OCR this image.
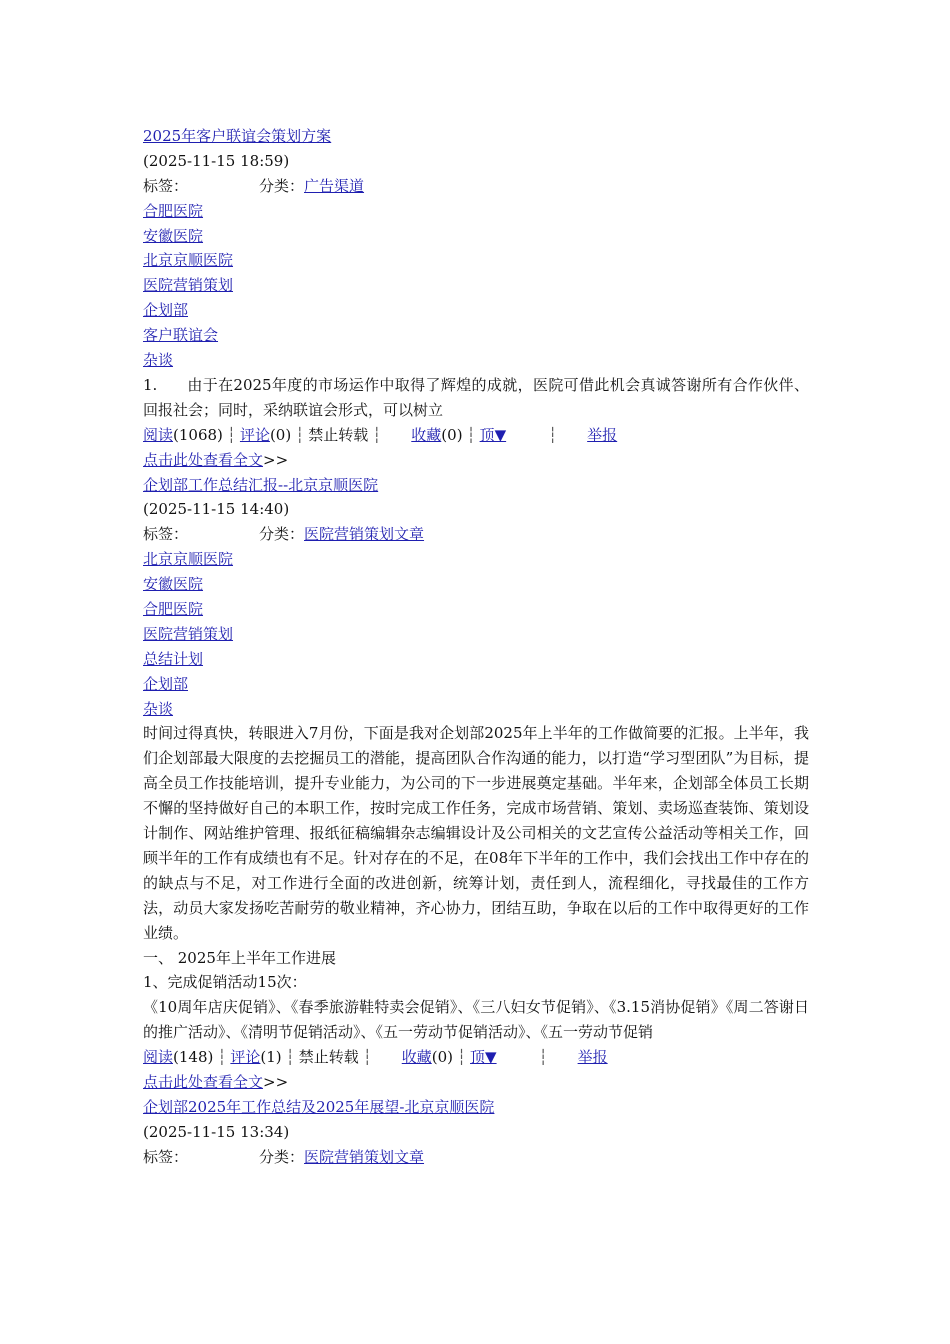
2025年客户联谊会策划方案
(2025-11-15 18:59)
标签：	分类：广告渠道
合肥医院
安徽医院
北京京顺医院
医院营销策划
企划部
客户联谊会
杂谈
1. 由于在2025年度的市场运作中取得了辉煌的成就，医院可借此机会真诚答谢所有合作伙伴、回报社会；同时，采纳联谊会形式，可以树立
阅读(1068) ┆ 评论(0) ┆ 禁止转载 ┆ 收藏(0) ┆ 顶▼	┆ 举报
点击此处查看全文>>
企划部工作总结汇报--北京京顺医院
(2025-11-15 14:40)
标签：	分类：医院营销策划文章
北京京顺医院
安徽医院
合肥医院
医院营销策划
总结计划
企划部
杂谈
时间过得真快，转眼进入7月份，下面是我对企划部2025年上半年的工作做简要的汇报。上半年，我们企划部最大限度的去挖掘员工的潜能，提高团队合作沟通的能力，以打造“学习型团队”为目标，提高全员工作技能培训，提升专业能力，为公司的下一步进展奠定基础。半年来，企划部全体员工长期不懈的坚持做好自己的本职工作，按时完成工作任务，完成市场营销、策划、卖场巡查装饰、策划设计制作、网站维护管理、报纸征稿编辑杂志编辑设计及公司相关的文艺宣传公益活动等相关工作，回顾半年的工作有成绩也有不足。针对存在的不足，在08年下半年的工作中，我们会找出工作中存在的的缺点与不足，对工作进行全面的改进创新，统筹计划，责任到人，流程细化，寻找最佳的工作方法，动员大家发扬吃苦耐劳的敬业精神，齐心协力，团结互助，争取在以后的工作中取得更好的工作业绩。
一、 2025年上半年工作进展
1、完成促销活动15次：
《10周年店庆促销》、《春季旅游鞋特卖会促销》、《三八妇女节促销》、《3.15消协促销》《周二答谢日的推广活动》、《清明节促销活动》、《五一劳动节促销活动》、《五一劳动节促销
阅读(148) ┆ 评论(1) ┆ 禁止转载 ┆ 收藏(0) ┆ 顶▼	┆ 举报
点击此处查看全文>>
企划部2025年工作总结及2025年展望-北京京顺医院
(2025-11-15 13:34)
标签：	分类：医院营销策划文章
